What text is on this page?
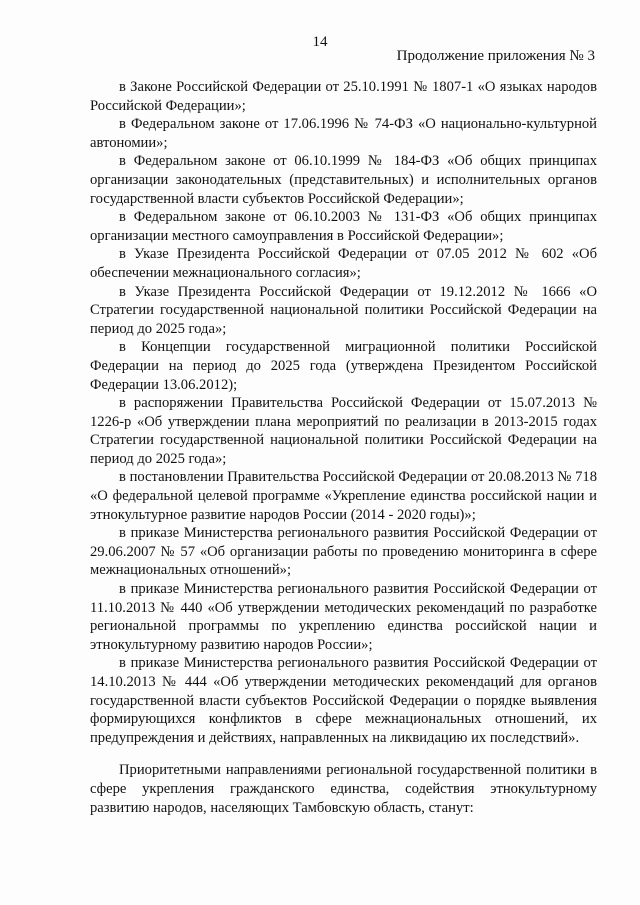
14
Продолжение приложения № 3

в Законе Российской Федерации от 25.10.1991 № 1807-1 «О языках народов Российской Федерации»;

в Федеральном законе от 17.06.1996 № 74-ФЗ «О национально-культурной автономии»;

в Федеральном законе от 06.10.1999 № 184-ФЗ «Об общих принципах организации законодательных (представительных) и исполнительных органов государственной власти субъектов Российской Федерации»;

в Федеральном законе от 06.10.2003 № 131-ФЗ «Об общих принципах организации местного самоуправления в Российской Федерации»;

в Указе Президента Российской Федерации от 07.05 2012 № 602 «Об обеспечении межнационального согласия»;

в Указе Президента Российской Федерации от 19.12.2012 № 1666 «О Стратегии государственной национальной политики Российской Федерации на период до 2025 года»;

в Концепции государственной миграционной политики Российской Федерации на период до 2025 года (утверждена Президентом Российской Федерации 13.06.2012);

в распоряжении Правительства Российской Федерации от 15.07.2013 № 1226-р «Об утверждении плана мероприятий по реализации в 2013-2015 годах Стратегии государственной национальной политики Российской Федерации на период до 2025 года»;

в постановлении Правительства Российской Федерации от 20.08.2013 № 718 «О федеральной целевой программе «Укрепление единства российской нации и этнокультурное развитие народов России (2014 - 2020 годы)»;

в приказе Министерства регионального развития Российской Федерации от 29.06.2007 № 57 «Об организации работы по проведению мониторинга в сфере межнациональных отношений»;

в приказе Министерства регионального развития Российской Федерации от 11.10.2013 № 440 «Об утверждении методических рекомендаций по разработке региональной программы по укреплению единства российской нации и этнокультурному развитию народов России»;

в приказе Министерства регионального развития Российской Федерации от 14.10.2013 № 444 «Об утверждении методических рекомендаций для органов государственной власти субъектов Российской Федерации о порядке выявления формирующихся конфликтов в сфере межнациональных отношений, их предупреждения и действиях, направленных на ликвидацию их последствий».

Приоритетными направлениями региональной государственной политики в сфере укрепления гражданского единства, содействия этнокультурному развитию народов, населяющих Тамбовскую область, станут:
